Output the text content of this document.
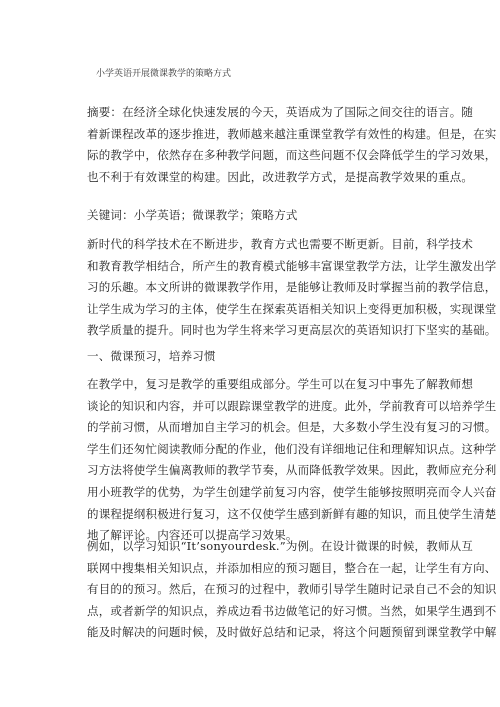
小学英语开展微课教学的策略方式
摘要：在经济全球化快速发展的今天，英语成为了国际之间交往的语言。随
着新课程改革的逐步推进，教师越来越注重课堂教学有效性的构建。但是，在实
际的教学中，依然存在多种教学问题，而这些问题不仅会降低学生的学习效果，
也不利于有效课堂的构建。因此，改进教学方式，是提高教学效果的重点。
关键词：小学英语；微课教学；策略方式
新时代的科学技术在不断进步，教育方式也需要不断更新。目前，科学技术
和教育教学相结合，所产生的教育模式能够丰富课堂教学方法，让学生激发出学
习的乐趣。本文所讲的微课教学作用，是能够让教师及时掌握当前的教学信息，
让学生成为学习的主体，使学生在探索英语相关知识上变得更加积极，实现课堂
教学质量的提升。同时也为学生将来学习更高层次的英语知识打下坚实的基础。
一、微课预习，培养习惯
在教学中，复习是教学的重要组成部分。学生可以在复习中事先了解教师想
谈论的知识和内容，并可以跟踪课堂教学的进度。此外，学前教育可以培养学生
的学前习惯，从而增加自主学习的机会。但是，大多数小学生没有复习的习惯。
学生们还匆忙阅读教师分配的作业，他们没有详细地记住和理解知识点。这种学
习方法将使学生偏离教师的教学节奏，从而降低教学效果。因此，教师应充分利
用小班教学的优势，为学生创建学前复习内容，使学生能够按照明亮而令人兴奋
的课程提纲积极进行复习，这不仅使学生感到新鲜有趣的知识，而且使学生清楚
地了解评论。内容还可以提高学习效果。
例如，以学习知识“It’sonyourdesk.”为例。在设计微课的时候，教师从互
联网中搜集相关知识点，并添加相应的预习题目，整合在一起，让学生有方向、
有目的的预习。然后，在预习的过程中，教师引导学生随时记录自己不会的知识
点，或者新学的知识点，养成边看书边做笔记的好习惯。当然，如果学生遇到不
能及时解决的问题时候，及时做好总结和记录，将这个问题预留到课堂教学中解
